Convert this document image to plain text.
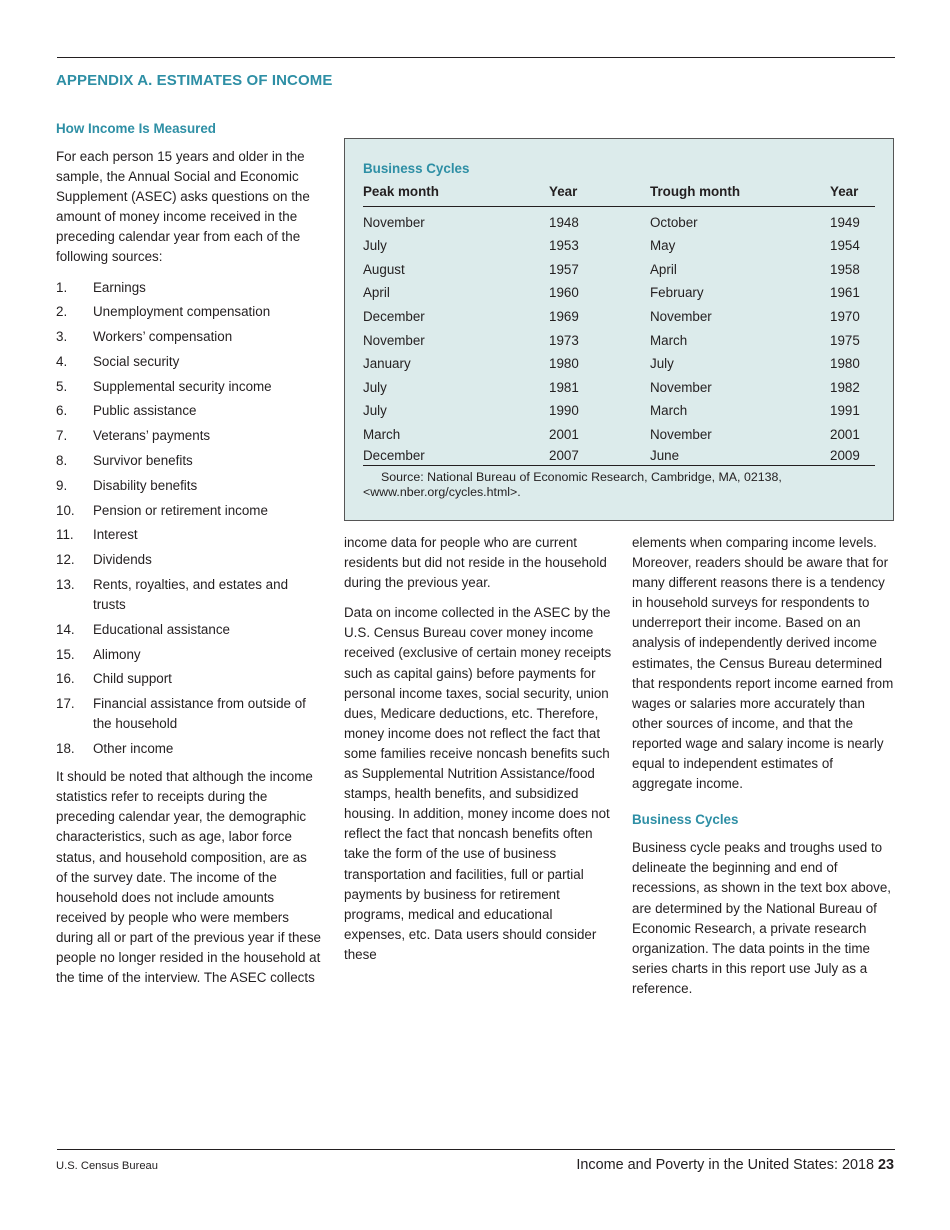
APPENDIX A. ESTIMATES OF INCOME
How Income Is Measured

For each person 15 years and older in the sample, the Annual Social and Economic Supplement (ASEC) asks questions on the amount of money income received in the preceding calendar year from each of the following sources:

1.	Earnings
2.	Unemployment compensation
3.	Workers’ compensation
4.	Social security
5.	Supplemental security income
6.	Public assistance
7.	Veterans’ payments
8.	Survivor benefits
9.	Disability benefits
10.	Pension or retirement income
11.	Interest
12.	Dividends
13.	Rents, royalties, and estates and trusts
14.	Educational assistance
15.	Alimony
16.	Child support
17.	Financial assistance from outside of the household
18.	Other income

It should be noted that although the income statistics refer to receipts during the preceding calendar year, the demographic characteristics, such as age, labor force status, and household composition, are as of the survey date. The income of the household does not include amounts received by people who were members during all or part of the previous year if these people no longer resided in the household at the time of the interview. The ASEC collects

Business Cycles
Peak month	Year	Trough month	Year
November	1948	October	1949
July	1953	May	1954
August	1957	April	1958
April	1960	February	1961
December	1969	November	1970
November	1973	March	1975
January	1980	July	1980
July	1981	November	1982
July	1990	March	1991
March	2001	November	2001
December	2007	June	2009
Source: National Bureau of Economic Research, Cambridge, MA, 02138, <www.nber.org/cycles.html>.

income data for people who are current residents but did not reside in the household during the previous year.

Data on income collected in the ASEC by the U.S. Census Bureau cover money income received (exclusive of certain money receipts such as capital gains) before payments for personal income taxes, social security, union dues, Medicare deductions, etc. Therefore, money income does not reflect the fact that some families receive noncash benefits such as Supplemental Nutrition Assistance/food stamps, health benefits, and subsidized housing. In addition, money income does not reflect the fact that noncash benefits often take the form of the use of business transportation and facilities, full or partial payments by business for retirement programs, medical and educational expenses, etc. Data users should consider these

elements when comparing income levels. Moreover, readers should be aware that for many different reasons there is a tendency in household surveys for respondents to underreport their income. Based on an analysis of independently derived income estimates, the Census Bureau determined that respondents report income earned from wages or salaries more accurately than other sources of income, and that the reported wage and salary income is nearly equal to independent estimates of aggregate income.

Business Cycles

Business cycle peaks and troughs used to delineate the beginning and end of recessions, as shown in the text box above, are determined by the National Bureau of Economic Research, a private research organization. The data points in the time series charts in this report use July as a reference.

U.S. Census Bureau	Income and Poverty in the United States: 2018 23
